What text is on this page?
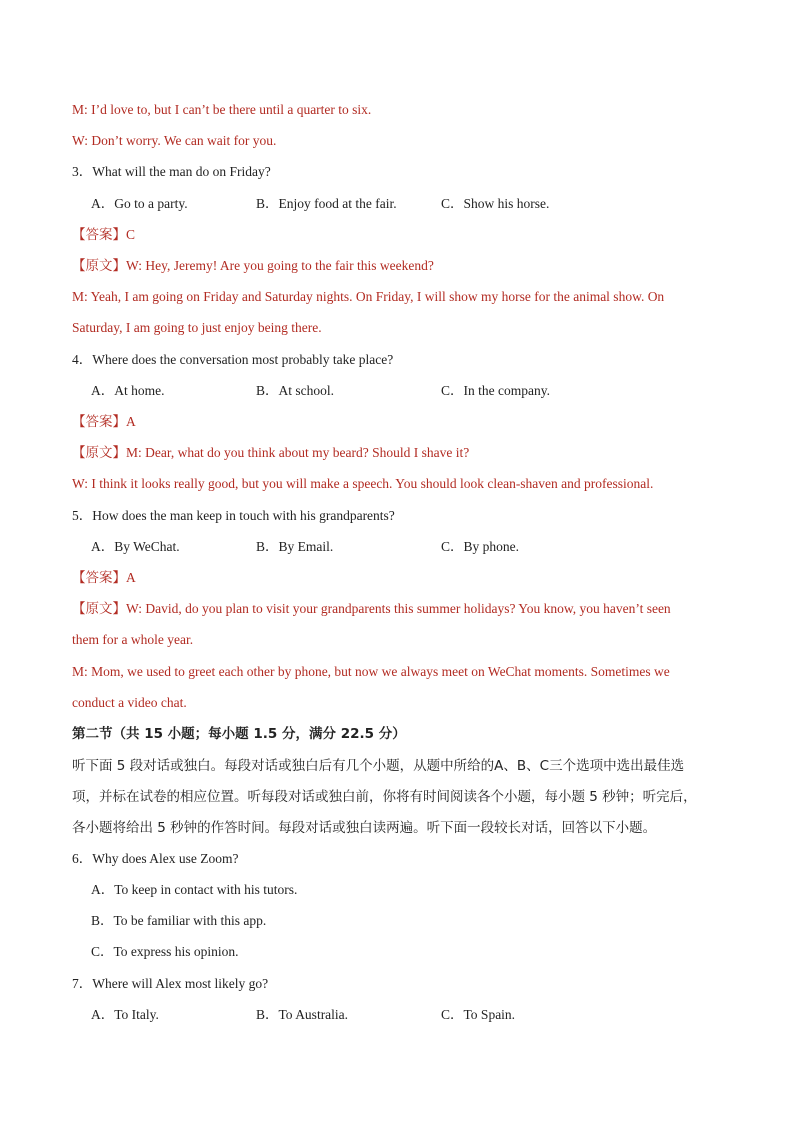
M: I’d love to, but I can’t be there until a quarter to six.
W: Don’t worry. We can wait for you.
3．What will the man do on Friday?
A．Go to a party.	B．Enjoy food at the fair.	C．Show his horse.
【答案】C
【原文】W: Hey, Jeremy! Are you going to the fair this weekend?
M: Yeah, I am going on Friday and Saturday nights. On Friday, I will show my horse for the animal show. On
Saturday, I am going to just enjoy being there.
4．Where does the conversation most probably take place?
A．At home.	B．At school.	C．In the company.
【答案】A
【原文】M: Dear, what do you think about my beard? Should I shave it?
W: I think it looks really good, but you will make a speech. You should look clean-shaven and professional.
5．How does the man keep in touch with his grandparents?
A．By WeChat.	B．By Email.	C．By phone.
【答案】A
【原文】W: David, do you plan to visit your grandparents this summer holidays? You know, you haven’t seen
them for a whole year.
M: Mom, we used to greet each other by phone, but now we always meet on WeChat moments. Sometimes we
conduct a video chat.
第二节（共 15 小题；每小题 1.5 分，满分 22.5 分）
听下面 5 段对话或独白。每段对话或独白后有几个小题，从题中所给的A、B、C三个选项中选出最佳选
项，并标在试卷的相应位置。听每段对话或独白前，你将有时间阅读各个小题，每小题 5 秒钟；听完后，
各小题将给出 5 秒钟的作答时间。每段对话或独白读两遍。听下面一段较长对话，回答以下小题。
6．Why does Alex use Zoom?
A．To keep in contact with his tutors.
B．To be familiar with this app.
C．To express his opinion.
7．Where will Alex most likely go?
A．To Italy.	B．To Australia.	C．To Spain.
